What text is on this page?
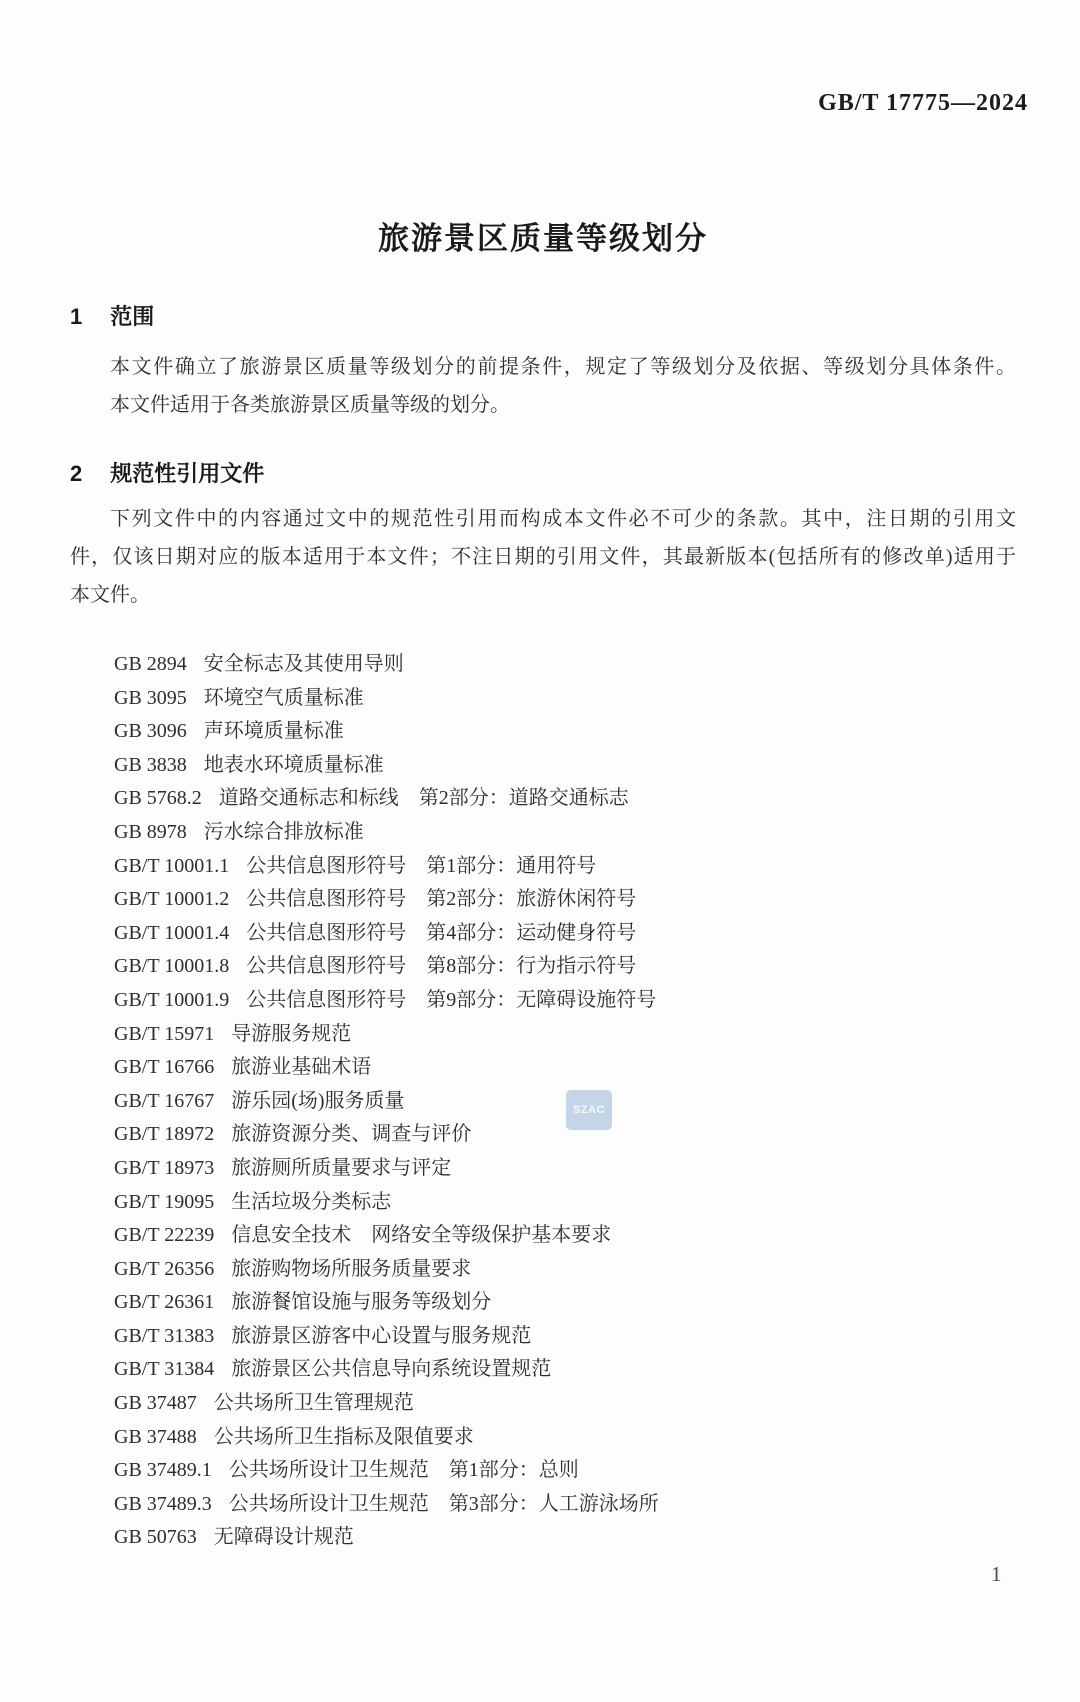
GB/T 17775—2024
旅游景区质量等级划分
1 范围

本文件确立了旅游景区质量等级划分的前提条件，规定了等级划分及依据、等级划分具体条件。

本文件适用于各类旅游景区质量等级的划分。

2 规范性引用文件

下列文件中的内容通过文中的规范性引用而构成本文件必不可少的条款。其中，注日期的引用文

件，仅该日期对应的版本适用于本文件；不注日期的引用文件，其最新版本(包括所有的修改单)适用于

本文件。

GB 2894 安全标志及其使用导则
GB 3095 环境空气质量标准
GB 3096 声环境质量标准
GB 3838 地表水环境质量标准
GB 5768.2 道路交通标志和标线　第2部分：道路交通标志
GB 8978 污水综合排放标准
GB/T 10001.1 公共信息图形符号　第1部分：通用符号
GB/T 10001.2 公共信息图形符号　第2部分：旅游休闲符号
GB/T 10001.4 公共信息图形符号　第4部分：运动健身符号
GB/T 10001.8 公共信息图形符号　第8部分：行为指示符号
GB/T 10001.9 公共信息图形符号　第9部分：无障碍设施符号
GB/T 15971 导游服务规范
GB/T 16766 旅游业基础术语
GB/T 16767 游乐园(场)服务质量
GB/T 18972 旅游资源分类、调查与评价
GB/T 18973 旅游厕所质量要求与评定
GB/T 19095 生活垃圾分类标志
GB/T 22239 信息安全技术　网络安全等级保护基本要求
GB/T 26356 旅游购物场所服务质量要求
GB/T 26361 旅游餐馆设施与服务等级划分
GB/T 31383 旅游景区游客中心设置与服务规范
GB/T 31384 旅游景区公共信息导向系统设置规范
GB 37487 公共场所卫生管理规范
GB 37488 公共场所卫生指标及限值要求
GB 37489.1 公共场所设计卫生规范　第1部分：总则
GB 37489.3 公共场所设计卫生规范　第3部分：人工游泳场所
GB 50763 无障碍设计规范
SZAC
1
